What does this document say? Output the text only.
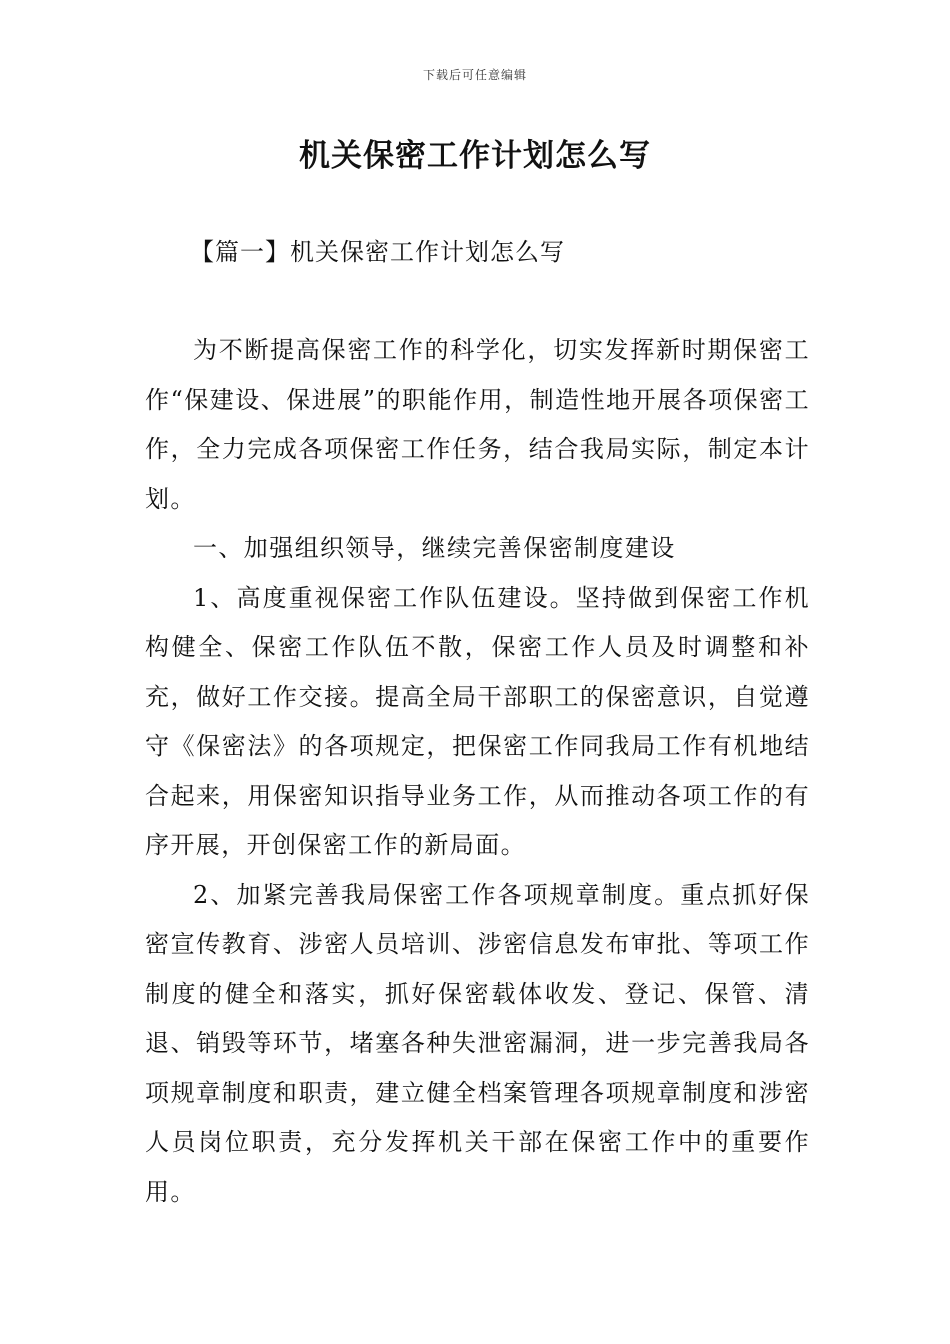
下载后可任意编辑
机关保密工作计划怎么写
【篇一】机关保密工作计划怎么写

为不断提高保密工作的科学化，切实发挥新时期保密工作“保建设、保进展”的职能作用，制造性地开展各项保密工作，全力完成各项保密工作任务，结合我局实际，制定本计划。

一、加强组织领导，继续完善保密制度建设

1、高度重视保密工作队伍建设。坚持做到保密工作机构健全、保密工作队伍不散，保密工作人员及时调整和补充，做好工作交接。提高全局干部职工的保密意识，自觉遵守《保密法》的各项规定，把保密工作同我局工作有机地结合起来，用保密知识指导业务工作，从而推动各项工作的有序开展，开创保密工作的新局面。

2、加紧完善我局保密工作各项规章制度。重点抓好保密宣传教育、涉密人员培训、涉密信息发布审批、等项工作制度的健全和落实，抓好保密载体收发、登记、保管、清退、销毁等环节，堵塞各种失泄密漏洞，进一步完善我局各项规章制度和职责，建立健全档案管理各项规章制度和涉密人员岗位职责，充分发挥机关干部在保密工作中的重要作用。
